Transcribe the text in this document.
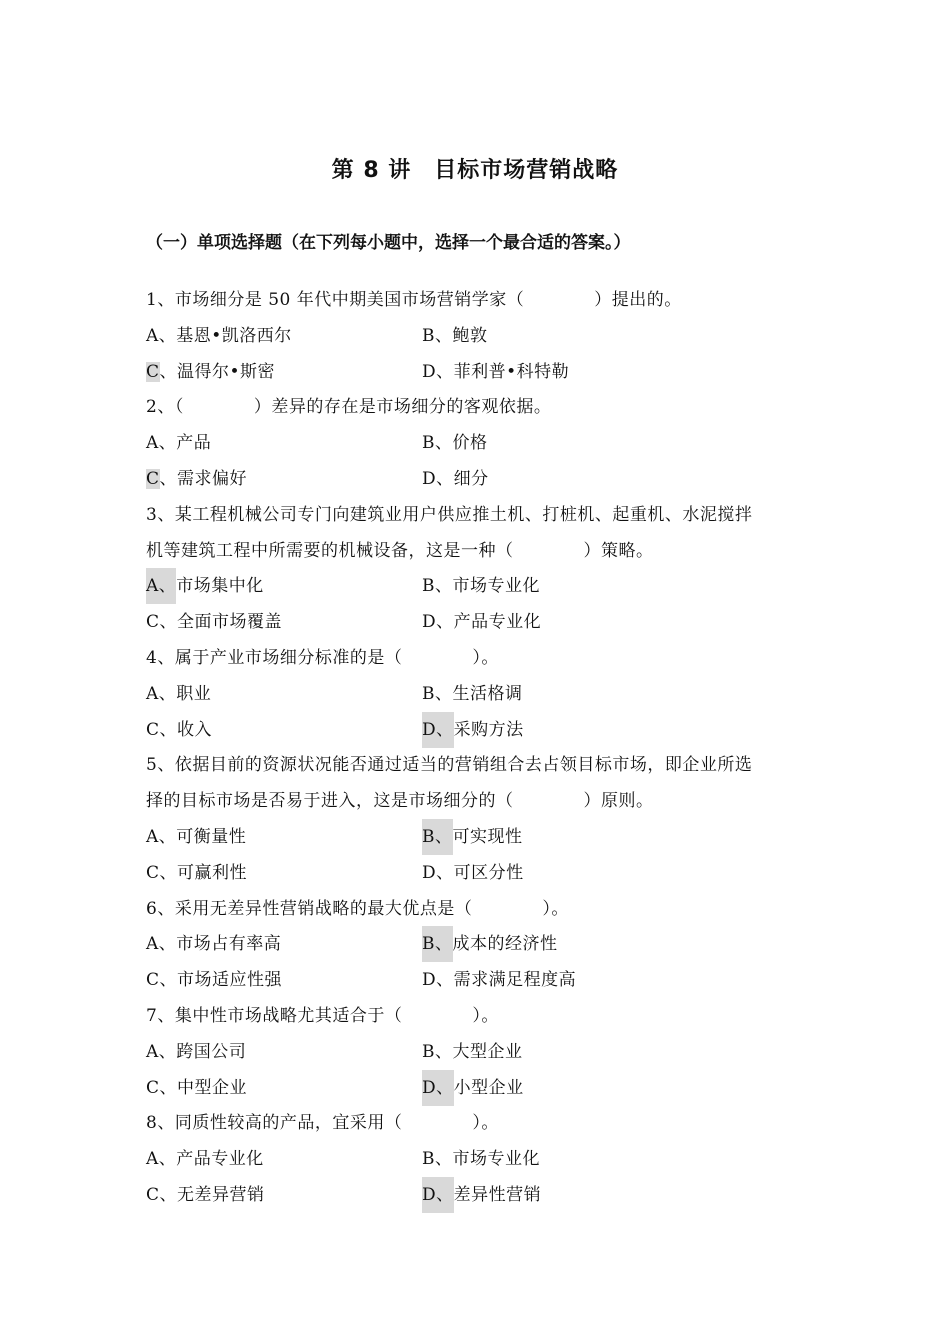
第 8 讲　目标市场营销战略
（一）单项选择题（在下列每小题中，选择一个最合适的答案。）
1、市场细分是 50 年代中期美国市场营销学家（　　　　）提出的。
A、基恩•凯洛西尔	B、鲍敦
C、温得尔•斯密	D、菲利普•科特勒
2、（　　　　）差异的存在是市场细分的客观依据。
A、产品	B、价格
C、需求偏好	D、细分
3、某工程机械公司专门向建筑业用户供应推土机、打桩机、起重机、水泥搅拌
机等建筑工程中所需要的机械设备，这是一种（　　　　）策略。
A、市场集中化	B、市场专业化
C、全面市场覆盖	D、产品专业化
4、属于产业市场细分标准的是（　　　　）。
A、职业	B、生活格调
C、收入	D、采购方法
5、依据目前的资源状况能否通过适当的营销组合去占领目标市场，即企业所选
择的目标市场是否易于进入，这是市场细分的（　　　　）原则。
A、可衡量性	B、可实现性
C、可赢利性	D、可区分性
6、采用无差异性营销战略的最大优点是（　　　　）。
A、市场占有率高	B、成本的经济性
C、市场适应性强	D、需求满足程度高
7、集中性市场战略尤其适合于（　　　　）。
A、跨国公司	B、大型企业
C、中型企业	D、小型企业
8、同质性较高的产品，宜采用（　　　　）。
A、产品专业化	B、市场专业化
C、无差异营销	D、差异性营销
